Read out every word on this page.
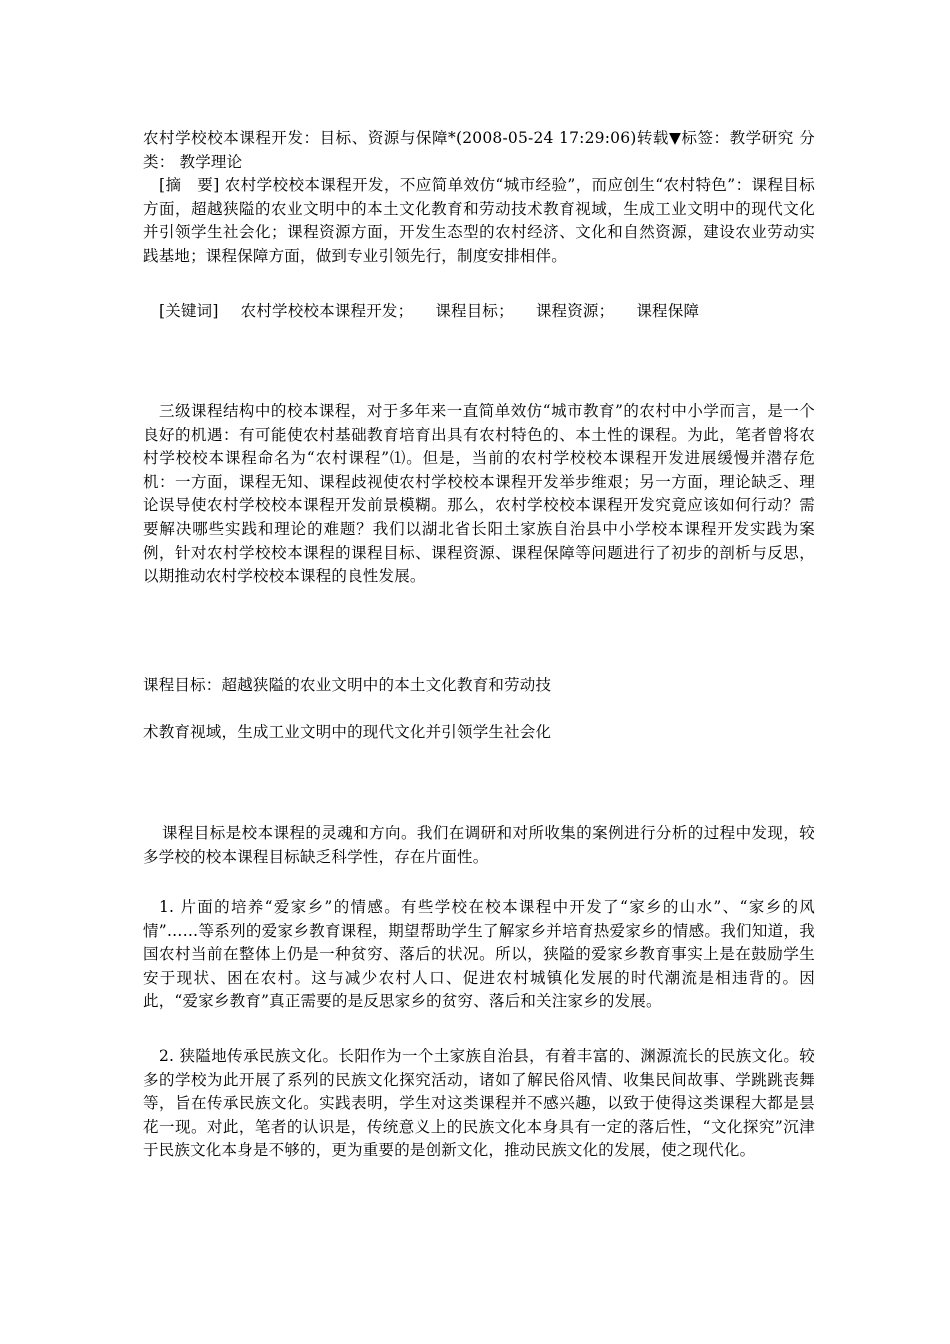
农村学校校本课程开发：目标、资源与保障*(2008-05-24 17:29:06)转载▼标签：教学研究 分类： 教学理论

[摘　要] 农村学校校本课程开发，不应简单效仿“城市经验”，而应创生“农村特色”：课程目标方面，超越狭隘的农业文明中的本土文化教育和劳动技术教育视域，生成工业文明中的现代文化并引领学生社会化；课程资源方面，开发生态型的农村经济、文化和自然资源，建设农业劳动实践基地；课程保障方面，做到专业引领先行，制度安排相伴。

[关键词] 农村学校校本课程开发； 课程目标； 课程资源； 课程保障

三级课程结构中的校本课程，对于多年来一直简单效仿“城市教育”的农村中小学而言，是一个良好的机遇：有可能使农村基础教育培育出具有农村特色的、本土性的课程。为此，笔者曾将农村学校校本课程命名为“农村课程”⑴。但是，当前的农村学校校本课程开发进展缓慢并潜存危机：一方面，课程无知、课程歧视使农村学校校本课程开发举步维艰；另一方面，理论缺乏、理论误导使农村学校校本课程开发前景模糊。那么，农村学校校本课程开发究竟应该如何行动？需要解决哪些实践和理论的难题？我们以湖北省长阳土家族自治县中小学校本课程开发实践为案例，针对农村学校校本课程的课程目标、课程资源、课程保障等问题进行了初步的剖析与反思，以期推动农村学校校本课程的良性发展。

课程目标：超越狭隘的农业文明中的本土文化教育和劳动技

术教育视域，生成工业文明中的现代文化并引领学生社会化

课程目标是校本课程的灵魂和方向。我们在调研和对所收集的案例进行分析的过程中发现，较多学校的校本课程目标缺乏科学性，存在片面性。

1. 片面的培养“爱家乡”的情感。有些学校在校本课程中开发了“家乡的山水”、“家乡的风情”……等系列的爱家乡教育课程，期望帮助学生了解家乡并培育热爱家乡的情感。我们知道，我国农村当前在整体上仍是一种贫穷、落后的状况。所以，狭隘的爱家乡教育事实上是在鼓励学生安于现状、困在农村。这与减少农村人口、促进农村城镇化发展的时代潮流是相违背的。因此，“爱家乡教育”真正需要的是反思家乡的贫穷、落后和关注家乡的发展。

2. 狭隘地传承民族文化。长阳作为一个土家族自治县，有着丰富的、渊源流长的民族文化。较多的学校为此开展了系列的民族文化探究活动，诸如了解民俗风情、收集民间故事、学跳跳丧舞等，旨在传承民族文化。实践表明，学生对这类课程并不感兴趣，以致于使得这类课程大都是昙花一现。对此，笔者的认识是，传统意义上的民族文化本身具有一定的落后性，“文化探究”沉津于民族文化本身是不够的，更为重要的是创新文化，推动民族文化的发展，使之现代化。
